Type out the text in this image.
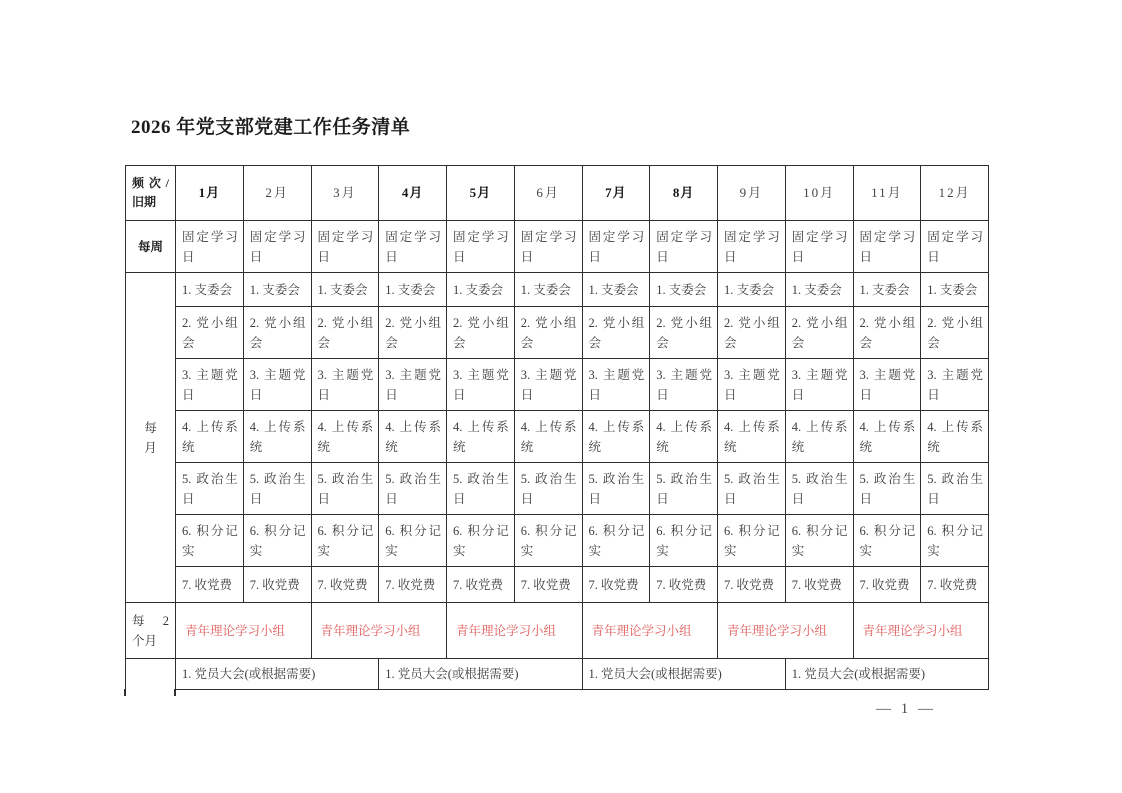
2026 年党支部党建工作任务清单
频次/旧期	1月	2月	3月	4月	5月	6月	7月	8月	9月	10月	11月	12月

每周	固定学习日	固定学习日	固定学习日	固定学习日	固定学习日	固定学习日	固定学习日	固定学习日	固定学习日	固定学习日	固定学习日	固定学习日

每月	1. 支委会	1. 支委会	1. 支委会	1. 支委会	1. 支委会	1. 支委会	1. 支委会	1. 支委会	1. 支委会	1. 支委会	1. 支委会	1. 支委会

	2. 党小组会	2. 党小组会	2. 党小组会	2. 党小组会	2. 党小组会	2. 党小组会	2. 党小组会	2. 党小组会	2. 党小组会	2. 党小组会	2. 党小组会	2. 党小组会

	3. 主题党日	3. 主题党日	3. 主题党日	3. 主题党日	3. 主题党日	3. 主题党日	3. 主题党日	3. 主题党日	3. 主题党日	3. 主题党日	3. 主题党日	3. 主题党日

	4. 上传系统	4. 上传系统	4. 上传系统	4. 上传系统	4. 上传系统	4. 上传系统	4. 上传系统	4. 上传系统	4. 上传系统	4. 上传系统	4. 上传系统	4. 上传系统

	5. 政治生日	5. 政治生日	5. 政治生日	5. 政治生日	5. 政治生日	5. 政治生日	5. 政治生日	5. 政治生日	5. 政治生日	5. 政治生日	5. 政治生日	5. 政治生日

	6. 积分记实	6. 积分记实	6. 积分记实	6. 积分记实	6. 积分记实	6. 积分记实	6. 积分记实	6. 积分记实	6. 积分记实	6. 积分记实	6. 积分记实	6. 积分记实

	7. 收党费	7. 收党费	7. 收党费	7. 收党费	7. 收党费	7. 收党费	7. 收党费	7. 收党费	7. 收党费	7. 收党费	7. 收党费	7. 收党费

每 2 个月	青年理论学习小组		青年理论学习小组		青年理论学习小组		青年理论学习小组		青年理论学习小组		青年理论学习小组	

	1. 党员大会(或根据需要)			1. 党员大会(或根据需要)			1. 党员大会(或根据需要)			1. 党员大会(或根据需要)		
— 1 —
